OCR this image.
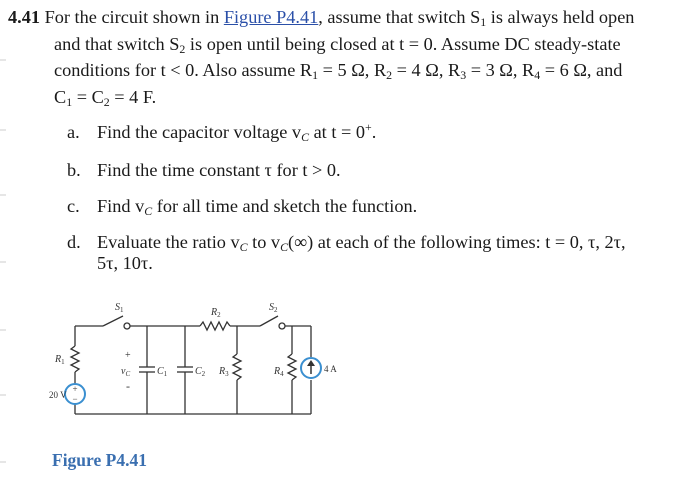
4.41 For the circuit shown in Figure P4.41, assume that switch $S_1$ is always held open
and that switch $S_2$ is open until being closed at t = 0. Assume DC steady-state
conditions for t < 0. Also assume $R_1 = 5$ Ω, $R_2 = 4$ Ω, $R_3 = 3$ Ω, $R_4 = 6$ Ω, and
$C_1 = C_2 = 4$ F.
a. Find the capacitor voltage $v_C$ at t = 0+.
b. Find the time constant τ for t > 0.
c. Find $v_C$ for all time and sketch the function.
d. Evaluate the ratio $v_C$ to $v_C(\infty)$ at each of the following times: t = 0, τ, 2τ,
5τ, 10τ.
+
−
$S_1$	$R_2$
$S_2$
$R_1$
$v_C$	$C_1$	$C_2$ $R_3$	$R_4$
+
-
20 V
4 A
Figure P4.41
